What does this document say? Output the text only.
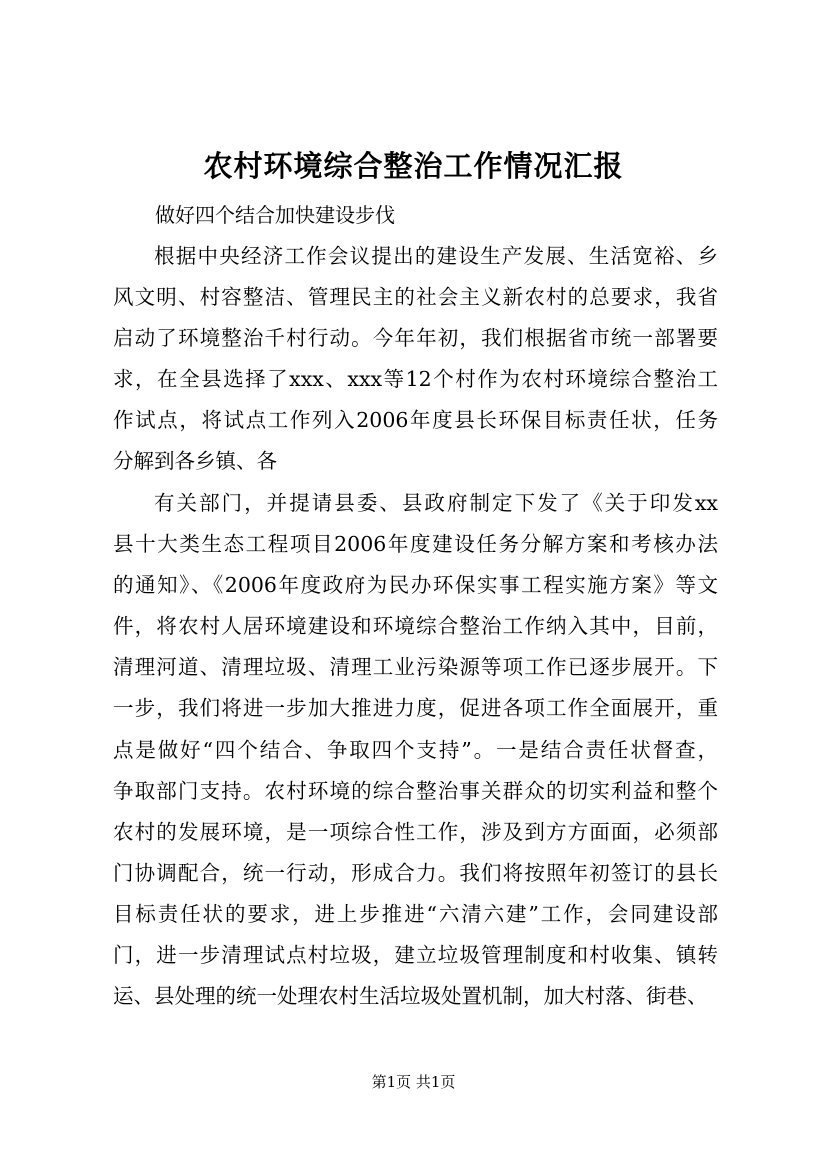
农村环境综合整治工作情况汇报

做好四个结合加快建设步伐

根据中央经济工作会议提出的建设生产发展、生活宽裕、乡
风文明、村容整洁、管理民主的社会主义新农村的总要求，我省
启动了环境整治千村行动。今年年初，我们根据省市统一部署要
求，在全县选择了xxx、xxx等12个村作为农村环境综合整治工
作试点，将试点工作列入2006年度县长环保目标责任状，任务
分解到各乡镇、各
有关部门，并提请县委、县政府制定下发了《关于印发xx
县十大类生态工程项目2006年度建设任务分解方案和考核办法
的通知》、《2006年度政府为民办环保实事工程实施方案》等文
件，将农村人居环境建设和环境综合整治工作纳入其中，目前，
清理河道、清理垃圾、清理工业污染源等项工作已逐步展开。下
一步，我们将进一步加大推进力度，促进各项工作全面展开，重
点是做好“四个结合、争取四个支持”。一是结合责任状督查，
争取部门支持。农村环境的综合整治事关群众的切实利益和整个
农村的发展环境，是一项综合性工作，涉及到方方面面，必须部
门协调配合，统一行动，形成合力。我们将按照年初签订的县长
目标责任状的要求，进上步推进“六清六建”工作，会同建设部
门，进一步清理试点村垃圾，建立垃圾管理制度和村收集、镇转
运、县处理的统一处理农村生活垃圾处置机制，加大村落、街巷、

第1页 共1页
